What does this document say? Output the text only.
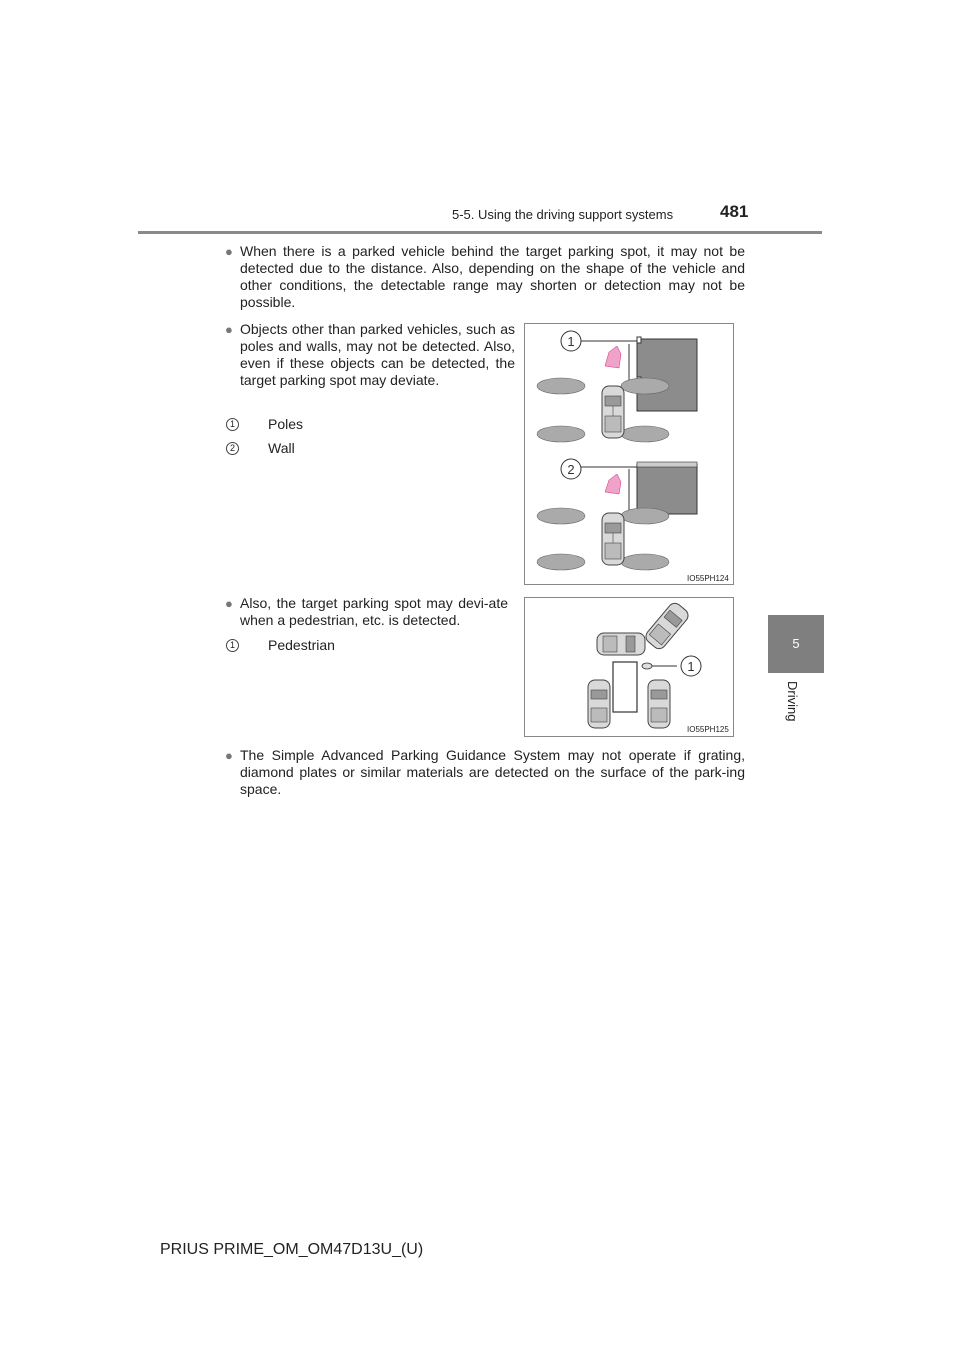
5-5. Using the driving support systems	481
5
Driving
● When there is a parked vehicle behind the target parking spot, it may not be detected due to the distance. Also, depending on the shape of the vehicle and other conditions, the detectable range may shorten or detection may not be possible.
● Objects other than parked vehicles, such as poles and walls, may not be detected. Also, even if these objects can be detected, the target parking spot may deviate.
1 Poles
2 Wall
1
2
IO55PH124
● Also, the target parking spot may devi-ate when a pedestrian, etc. is detected.
1 Pedestrian
1
IO55PH125
● The Simple Advanced Parking Guidance System may not operate if grating, diamond plates or similar materials are detected on the surface of the park-ing space.
PRIUS PRIME_OM_OM47D13U_(U)
